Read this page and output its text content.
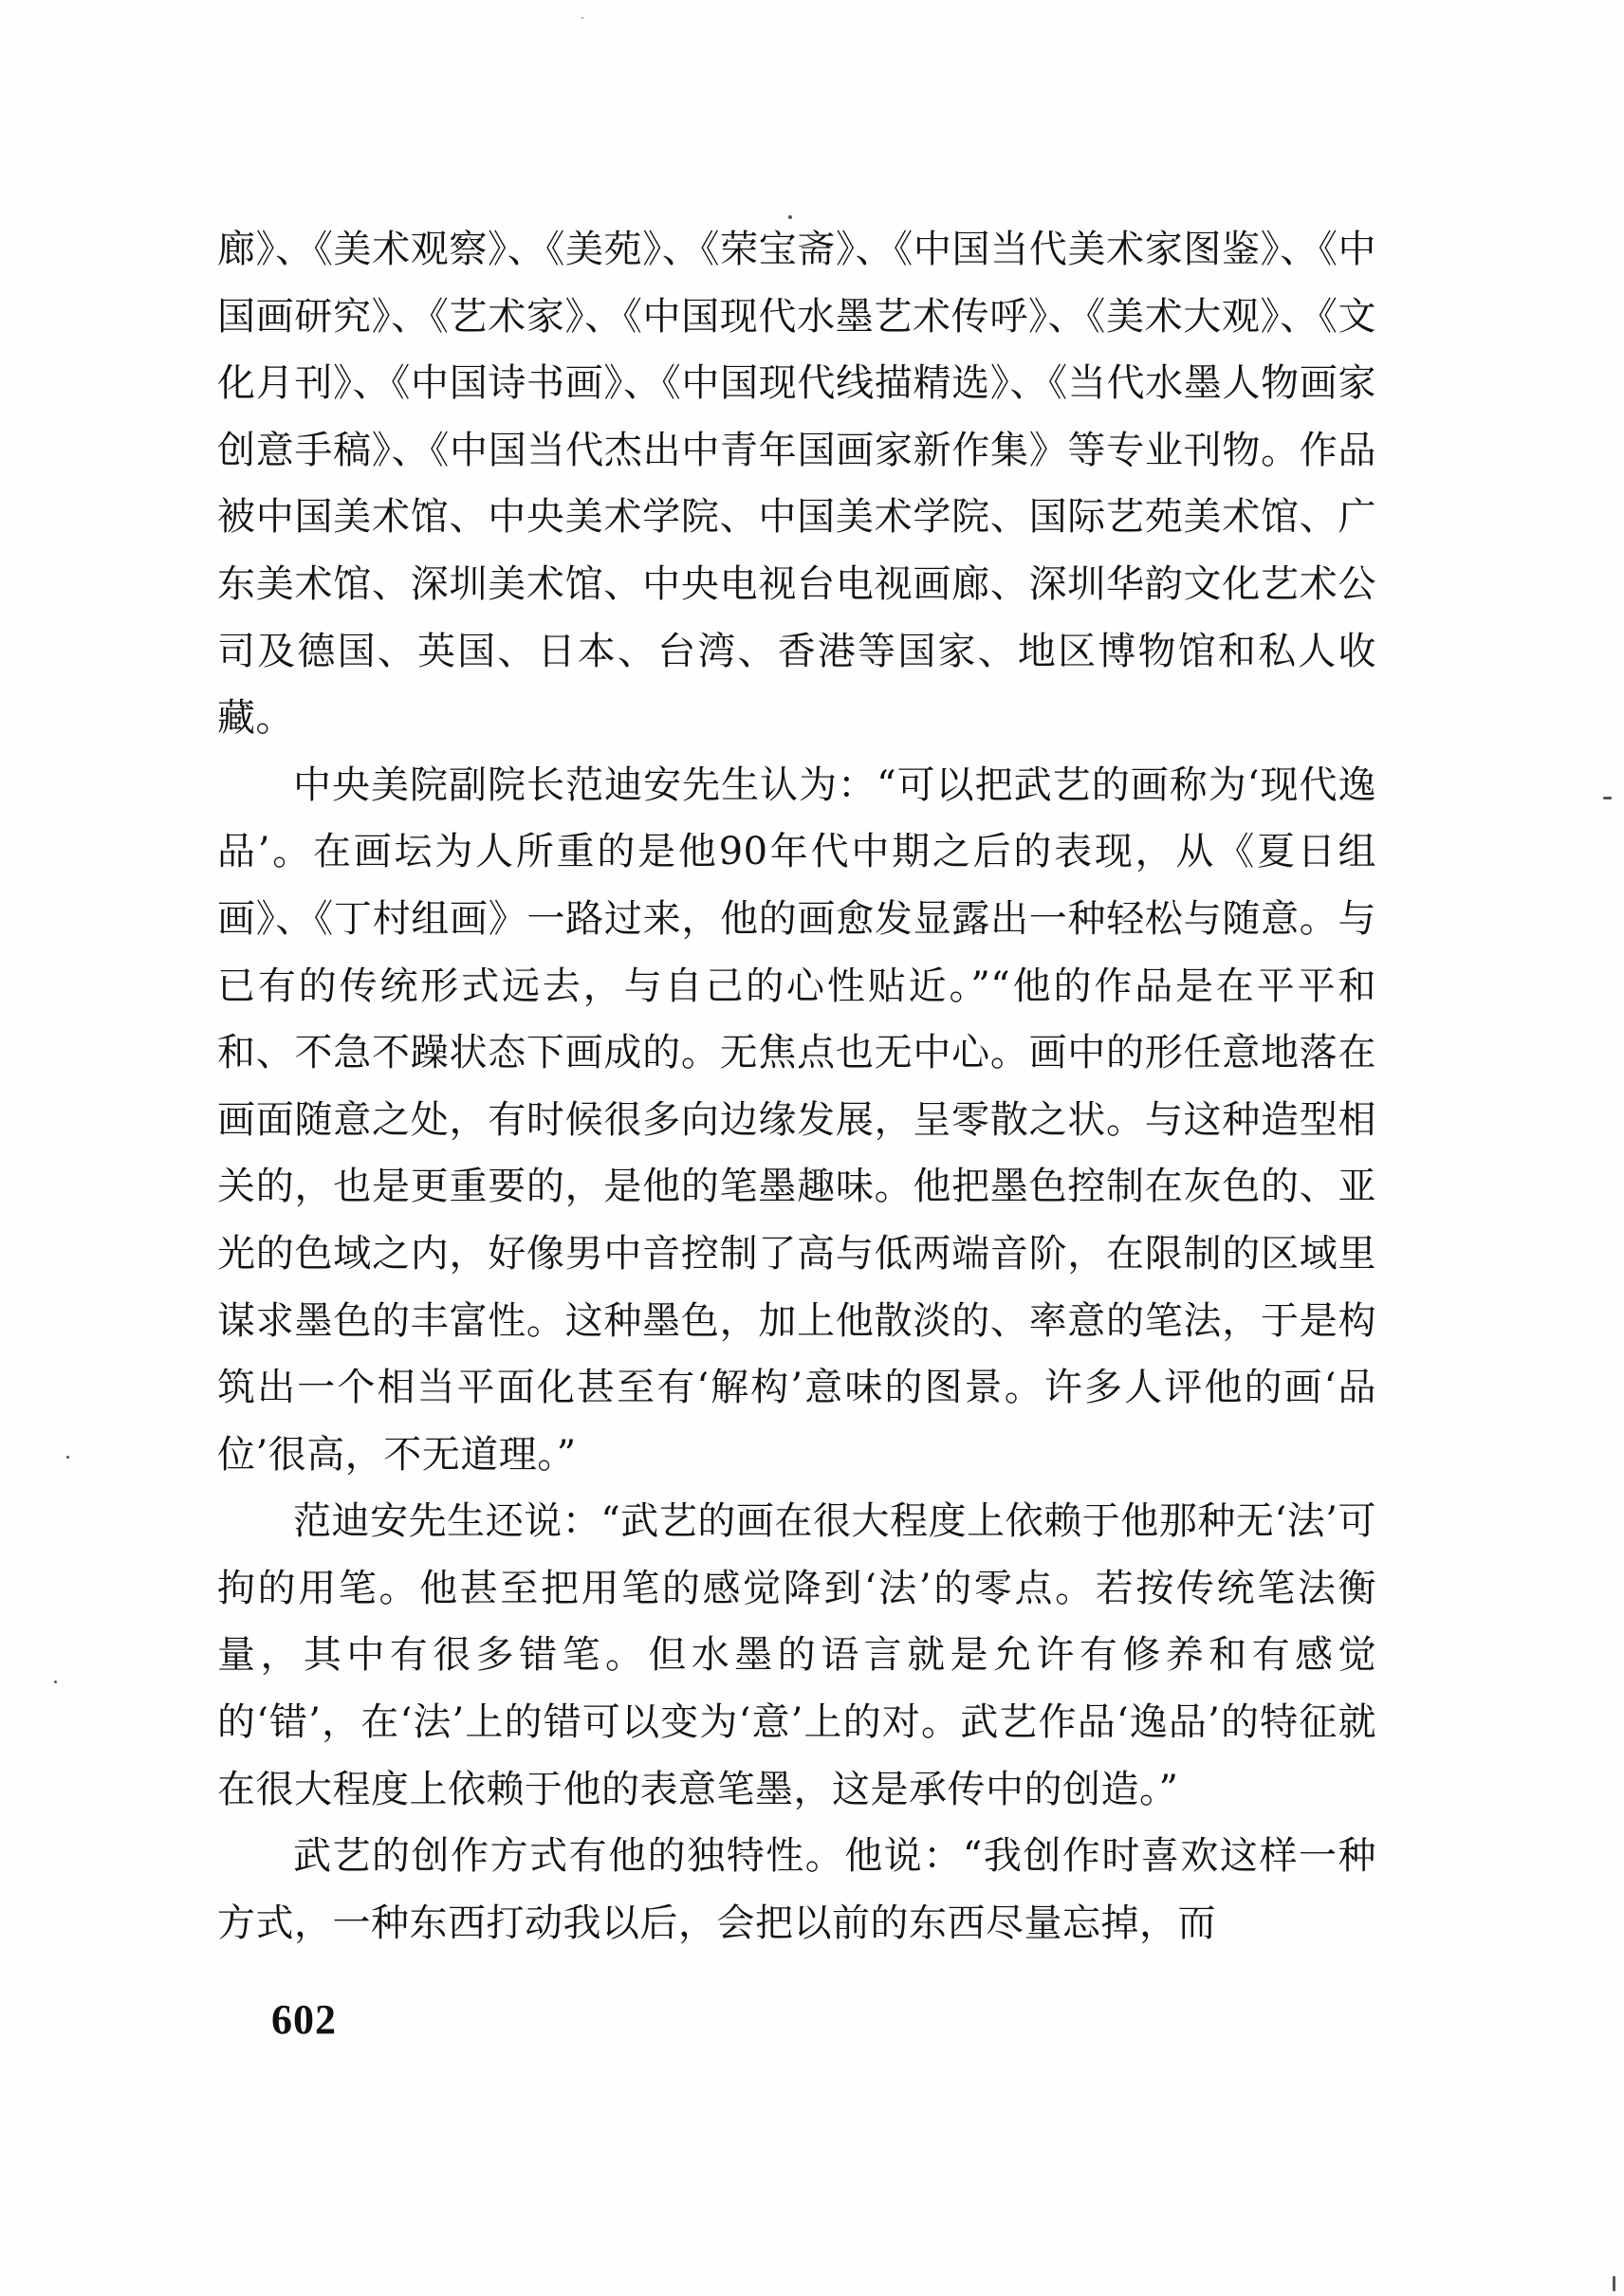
廊》、《美术观察》、《美苑》、《荣宝斋》、《中国当代美术家图鉴》、《中国画研究》、《艺术家》、《中国现代水墨艺术传呼》、《美术大观》、《文化月刊》、《中国诗书画》、《中国现代线描精选》、《当代水墨人物画家创意手稿》、《中国当代杰出中青年国画家新作集》等专业刊物。作品被中国美术馆、中央美术学院、中国美术学院、国际艺苑美术馆、广东美术馆、深圳美术馆、中央电视台电视画廊、深圳华韵文化艺术公司及德国、英国、日本、台湾、香港等国家、地区博物馆和私人收藏。

中央美院副院长范迪安先生认为：“可以把武艺的画称为‘现代逸品’。在画坛为人所重的是他90年代中期之后的表现，从《夏日组画》、《丁村组画》一路过来，他的画愈发显露出一种轻松与随意。与已有的传统形式远去，与自己的心性贴近。”“他的作品是在平平和和、不急不躁状态下画成的。无焦点也无中心。画中的形任意地落在画面随意之处，有时候很多向边缘发展，呈零散之状。与这种造型相关的，也是更重要的，是他的笔墨趣味。他把墨色控制在灰色的、亚光的色域之内，好像男中音控制了高与低两端音阶，在限制的区域里谋求墨色的丰富性。这种墨色，加上他散淡的、率意的笔法，于是构筑出一个相当平面化甚至有‘解构’意味的图景。许多人评他的画‘品位’很高，不无道理。”

范迪安先生还说：“武艺的画在很大程度上依赖于他那种无‘法’可拘的用笔。他甚至把用笔的感觉降到‘法’的零点。若按传统笔法衡量，其中有很多错笔。但水墨的语言就是允许有修养和有感觉的‘错’，在‘法’上的错可以变为‘意’上的对。武艺作品‘逸品’的特征就在很大程度上依赖于他的表意笔墨，这是承传中的创造。”

武艺的创作方式有他的独特性。他说：“我创作时喜欢这样一种方式，一种东西打动我以后，会把以前的东西尽量忘掉，而

602
